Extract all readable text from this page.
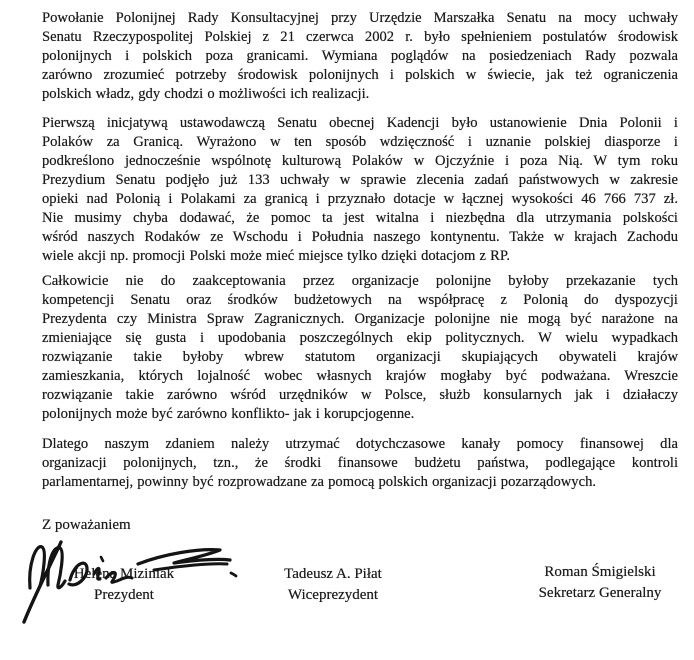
Powołanie Polonijnej Rady Konsultacyjnej przy Urzędzie Marszałka Senatu na mocy uchwały
Senatu Rzeczypospolitej Polskiej z 21 czerwca 2002 r. było spełnieniem postulatów środowisk
polonijnych i polskich poza granicami. Wymiana poglądów na posiedzeniach Rady pozwala
zarówno zrozumieć potrzeby środowisk polonijnych i polskich w świecie, jak też ograniczenia
polskich władz, gdy chodzi o możliwości ich realizacji.
Pierwszą inicjatywą ustawodawczą Senatu obecnej Kadencji było ustanowienie Dnia Polonii i
Polaków za Granicą. Wyrażono w ten sposób wdzięczność i uznanie polskiej diasporze i
podkreślono jednocześnie wspólnotę kulturową Polaków w Ojczyźnie i poza Nią. W tym roku
Prezydium Senatu podjęło już 133 uchwały w sprawie zlecenia zadań państwowych w zakresie
opieki nad Polonią i Polakami za granicą i przyznało dotacje w łącznej wysokości 46 766 737 zł.
Nie musimy chyba dodawać, że pomoc ta jest witalna i niezbędna dla utrzymania polskości
wśród naszych Rodaków ze Wschodu i Południa naszego kontynentu. Także w krajach Zachodu
wiele akcji np. promocji Polski może mieć miejsce tylko dzięki dotacjom z RP.
Całkowicie nie do zaakceptowania przez organizacje polonijne byłoby przekazanie tych
kompetencji Senatu oraz środków budżetowych na współpracę z Polonią do dyspozycji
Prezydenta czy Ministra Spraw Zagranicznych. Organizacje polonijne nie mogą być narażone na
zmieniające się gusta i upodobania poszczególnych ekip politycznych. W wielu wypadkach
rozwiązanie takie byłoby wbrew statutom organizacji skupiających obywateli krajów
zamieszkania, których lojalność wobec własnych krajów mogłaby być podważana. Wreszcie
rozwiązanie takie zarówno wśród urzędników w Polsce, służb konsularnych jak i działaczy
polonijnych może być zarówno konflikto- jak i korupcjogenne.
Dlatego naszym zdaniem należy utrzymać dotychczasowe kanały pomocy finansowej dla
organizacji polonijnych, tzn., że środki finansowe budżetu państwa, podlegające kontroli
parlamentarnej, powinny być rozprowadzane za pomocą polskich organizacji pozarządowych.
Z poważaniem
Helena Miziniak
Prezydent
Tadeusz A. Piłat
Wiceprezydent
Roman Śmigielski
Sekretarz Generalny
